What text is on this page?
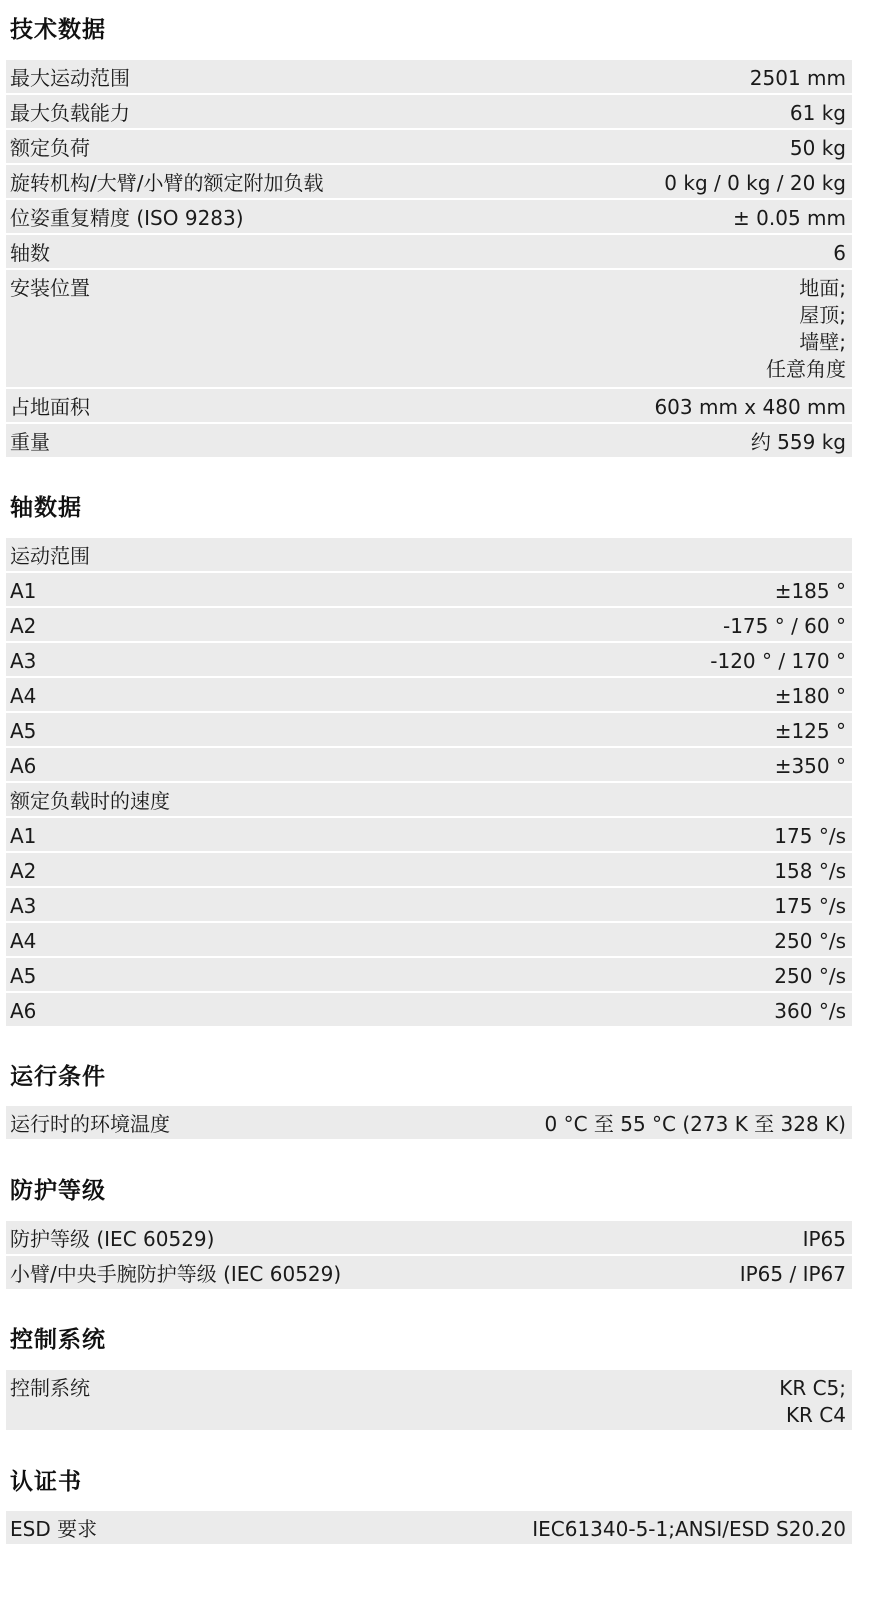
技术数据
最大运动范围	2501 mm
最大负载能力	61 kg
额定负荷	50 kg
旋转机构/大臂/小臂的额定附加负载	0 kg / 0 kg / 20 kg
位姿重复精度 (ISO 9283)	± 0.05 mm
轴数	6
安装位置	地面;
屋顶;
墙壁;
任意角度
占地面积	603 mm x 480 mm
重量	约 559 kg
轴数据
运动范围
A1	±185 °
A2	-175 ° / 60 °
A3	-120 ° / 170 °
A4	±180 °
A5	±125 °
A6	±350 °
额定负载时的速度
A1	175 °/s
A2	158 °/s
A3	175 °/s
A4	250 °/s
A5	250 °/s
A6	360 °/s
运行条件
运行时的环境温度	0 °C 至 55 °C (273 K 至 328 K)
防护等级
防护等级 (IEC 60529)	IP65
小臂/中央手腕防护等级 (IEC 60529)	IP65 / IP67
控制系统
控制系统	KR C5;
KR C4
认证书
ESD 要求	IEC61340-5-1;ANSI/ESD S20.20
